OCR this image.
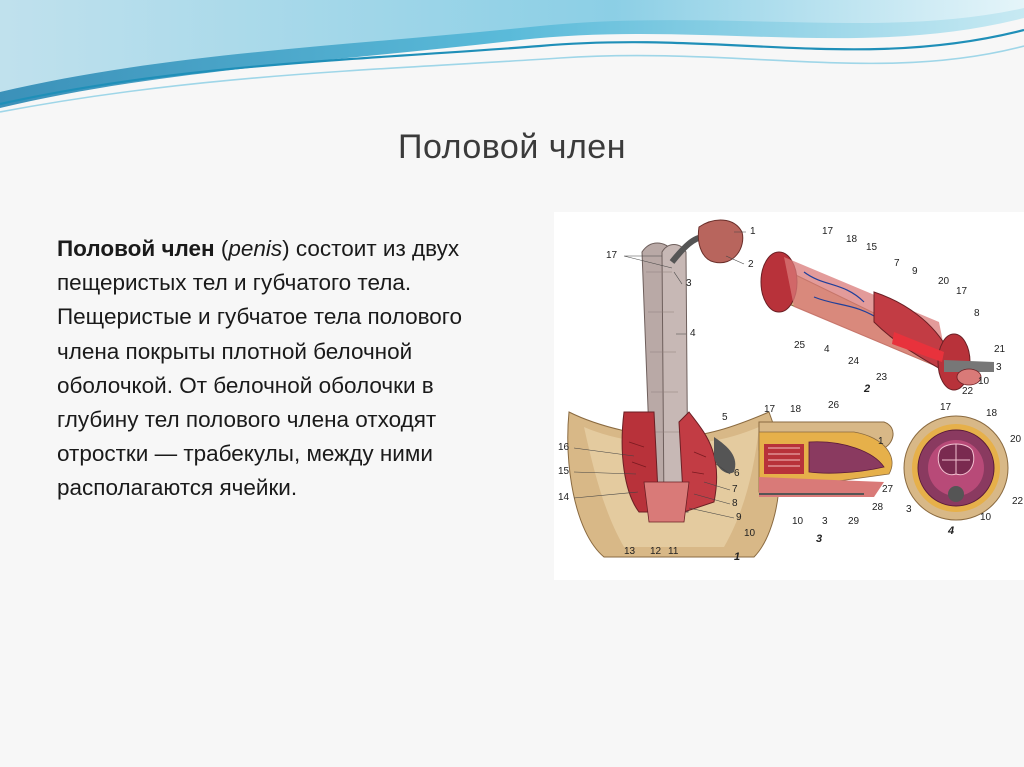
Половой член
Половой член (penis) состоит из двух пещеристых тел и губчатого тела. Пещеристые и губчатое тела полового члена покрыты плотной белочной оболочкой. От белочной оболочки в глубину тел полового члена отходят отростки — трабекулы, между ними располагаются ячейки.
1
2
3
4
5
6
7
8
9
10
11
12
13
14
15
16
17
1
17
18
15
7
9
20
17
8
21
3
10
22
23
24
4
25
2
17 18	26
1
27
28
29
3
10
3
17
18
20
22
10
3
4
